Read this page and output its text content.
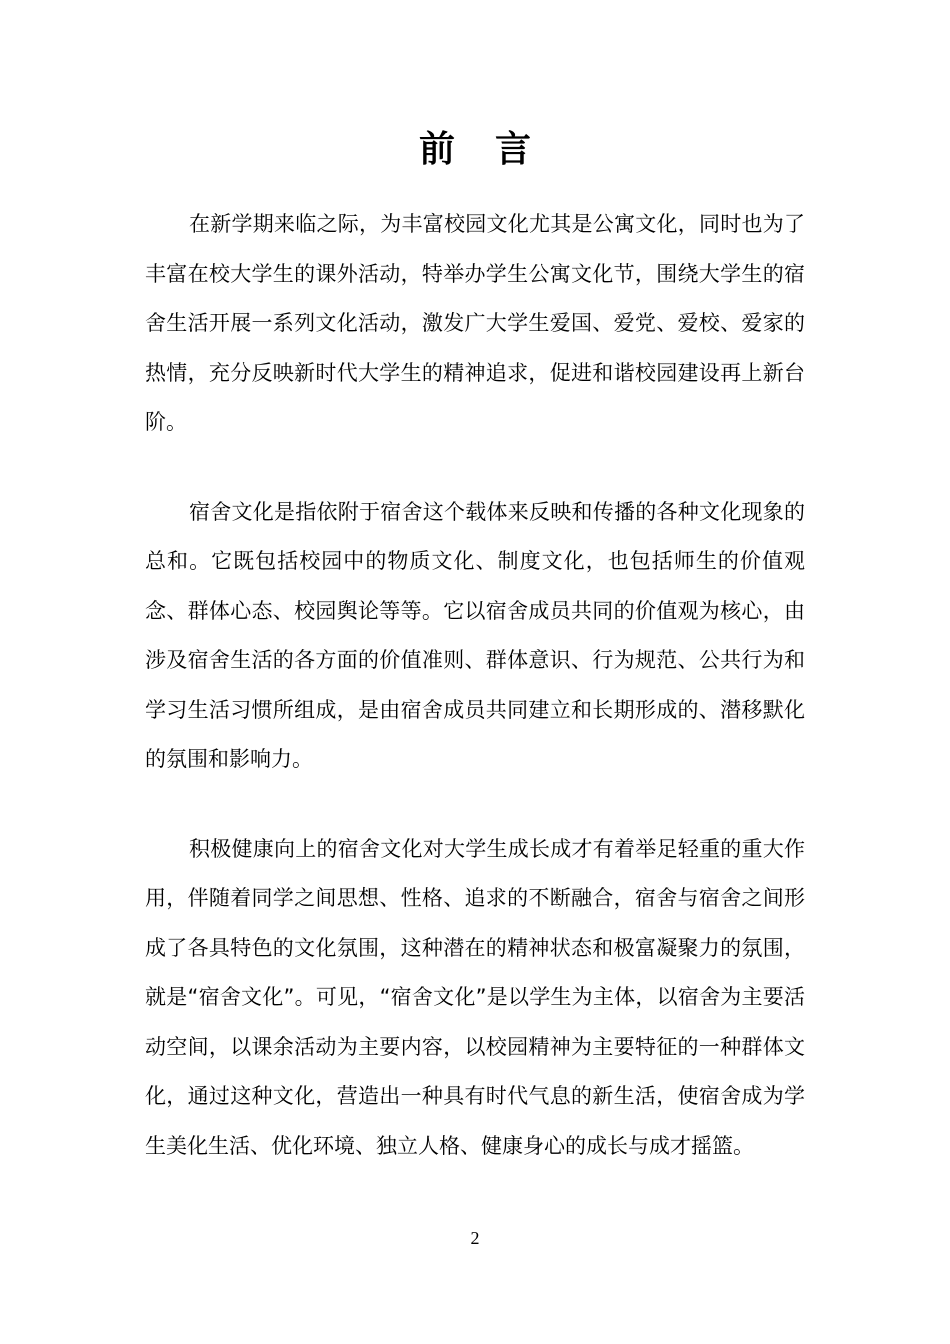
前言

在新学期来临之际，为丰富校园文化尤其是公寓文化，同时也为了丰富在校大学生的课外活动，特举办学生公寓文化节，围绕大学生的宿舍生活开展一系列文化活动，激发广大学生爱国、爱党、爱校、爱家的热情，充分反映新时代大学生的精神追求，促进和谐校园建设再上新台阶。

宿舍文化是指依附于宿舍这个载体来反映和传播的各种文化现象的总和。它既包括校园中的物质文化、制度文化，也包括师生的价值观念、群体心态、校园舆论等等。它以宿舍成员共同的价值观为核心，由涉及宿舍生活的各方面的价值准则、群体意识、行为规范、公共行为和学习生活习惯所组成，是由宿舍成员共同建立和长期形成的、潜移默化的氛围和影响力。

积极健康向上的宿舍文化对大学生成长成才有着举足轻重的重大作用，伴随着同学之间思想、性格、追求的不断融合，宿舍与宿舍之间形成了各具特色的文化氛围，这种潜在的精神状态和极富凝聚力的氛围，就是“宿舍文化”。可见，“宿舍文化”是以学生为主体，以宿舍为主要活动空间，以课余活动为主要内容，以校园精神为主要特征的一种群体文化，通过这种文化，营造出一种具有时代气息的新生活，使宿舍成为学生美化生活、优化环境、独立人格、健康身心的成长与成才摇篮。

2
